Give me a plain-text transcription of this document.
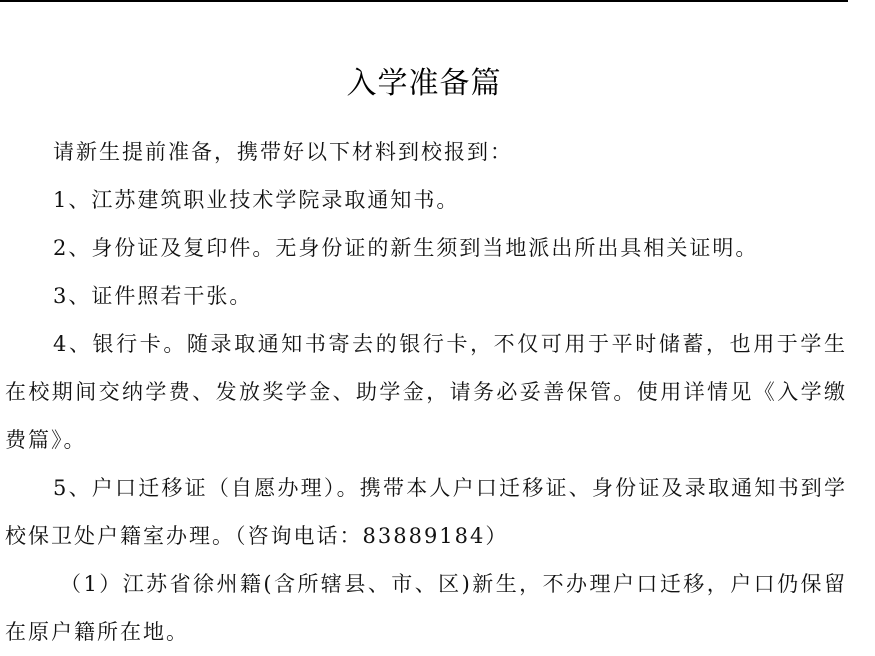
入学准备篇

请新生提前准备，携带好以下材料到校报到：

1、江苏建筑职业技术学院录取通知书。

2、身份证及复印件。无身份证的新生须到当地派出所出具相关证明。

3、证件照若干张。

4、银行卡。随录取通知书寄去的银行卡，不仅可用于平时储蓄，也用于学生在校期间交纳学费、发放奖学金、助学金，请务必妥善保管。使用详情见《入学缴费篇》。

5、户口迁移证（自愿办理）。携带本人户口迁移证、身份证及录取通知书到学校保卫处户籍室办理。（咨询电话：83889184）

（1）江苏省徐州籍(含所辖县、市、区)新生，不办理户口迁移，户口仍保留在原户籍所在地。
